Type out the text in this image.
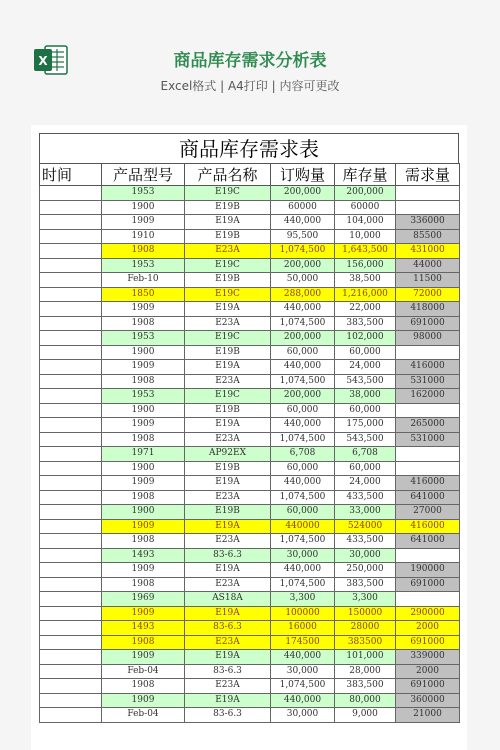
X	商品库存需求分析表
Excel格式 | A4打印 | 内容可更改
商品库存需求表
时间	产品型号	产品名称	订购量	库存量	需求量
	1953	E19C	200,000	200,000	
	1900	E19B	60000	60000	
	1909	E19A	440,000	104,000	336000
	1910	E19B	95,500	10,000	85500
	1908	E23A	1,074,500	1,643,500	431000
	1953	E19C	200,000	156,000	44000
	Feb-10	E19B	50,000	38,500	11500
	1850	E19C	288,000	1,216,000	72000
	1909	E19A	440,000	22,000	418000
	1908	E23A	1,074,500	383,500	691000
	1953	E19C	200,000	102,000	98000
	1900	E19B	60,000	60,000	
	1909	E19A	440,000	24,000	416000
	1908	E23A	1,074,500	543,500	531000
	1953	E19C	200,000	38,000	162000
	1900	E19B	60,000	60,000	
	1909	E19A	440,000	175,000	265000
	1908	E23A	1,074,500	543,500	531000
	1971	AP92EX	6,708	6,708	
	1900	E19B	60,000	60,000	
	1909	E19A	440,000	24,000	416000
	1908	E23A	1,074,500	433,500	641000
	1900	E19B	60,000	33,000	27000
	1909	E19A	440000	524000	416000
	1908	E23A	1,074,500	433,500	641000
	1493	83-6.3	30,000	30,000	
	1909	E19A	440,000	250,000	190000
	1908	E23A	1,074,500	383,500	691000
	1969	AS18A	3,300	3,300	
	1909	E19A	100000	150000	290000
	1493	83-6.3	16000	28000	2000
	1908	E23A	174500	383500	691000
	1909	E19A	440,000	101,000	339000
	Feb-04	83-6.3	30,000	28,000	2000
	1908	E23A	1,074,500	383,500	691000
	1909	E19A	440,000	80,000	360000
	Feb-04	83-6.3	30,000	9,000	21000
